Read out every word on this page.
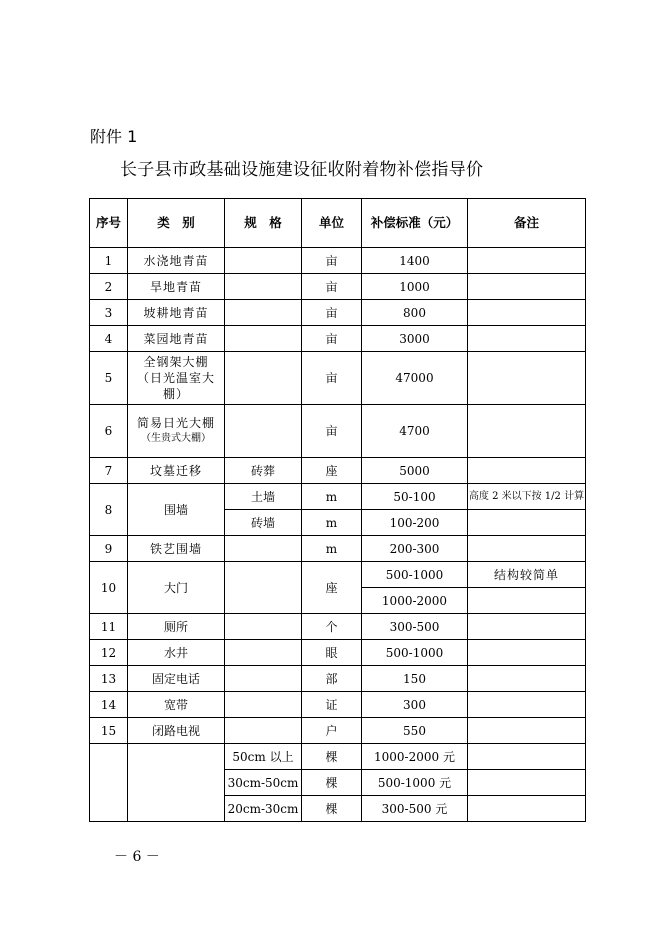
附件 1
长子县市政基础设施建设征收附着物补偿指导价
序号	类　别	规　格	单位	补偿标准（元）	备注
1	水浇地青苗		亩	1400	
2	旱地青苗		亩	1000	
3	坡耕地青苗		亩	800	
4	菜园地青苗		亩	3000	
5	全钢架大棚
（日光温室大
棚）		亩	47000	
6	简易日光大棚
（生贵式大棚）		亩	4700	
7	坟墓迁移	砖葬	座	5000	
8	围墙	土墙	m	50-100	高度 2 米以下按 1/2 计算
		砖墙	m	100-200	
9	铁艺围墙		m	200-300	
10	大门		座	500-1000	结构较简单
				1000-2000	
11	厕所		个	300-500	
12	水井		眼	500-1000	
13	固定电话		部	150	
14	宽带		证	300	
15	闭路电视		户	550	
		50cm 以上	棵	1000-2000 元	
		30cm-50cm	棵	500-1000 元	
		20cm-30cm	棵	300-500 元	
－ 6 －
